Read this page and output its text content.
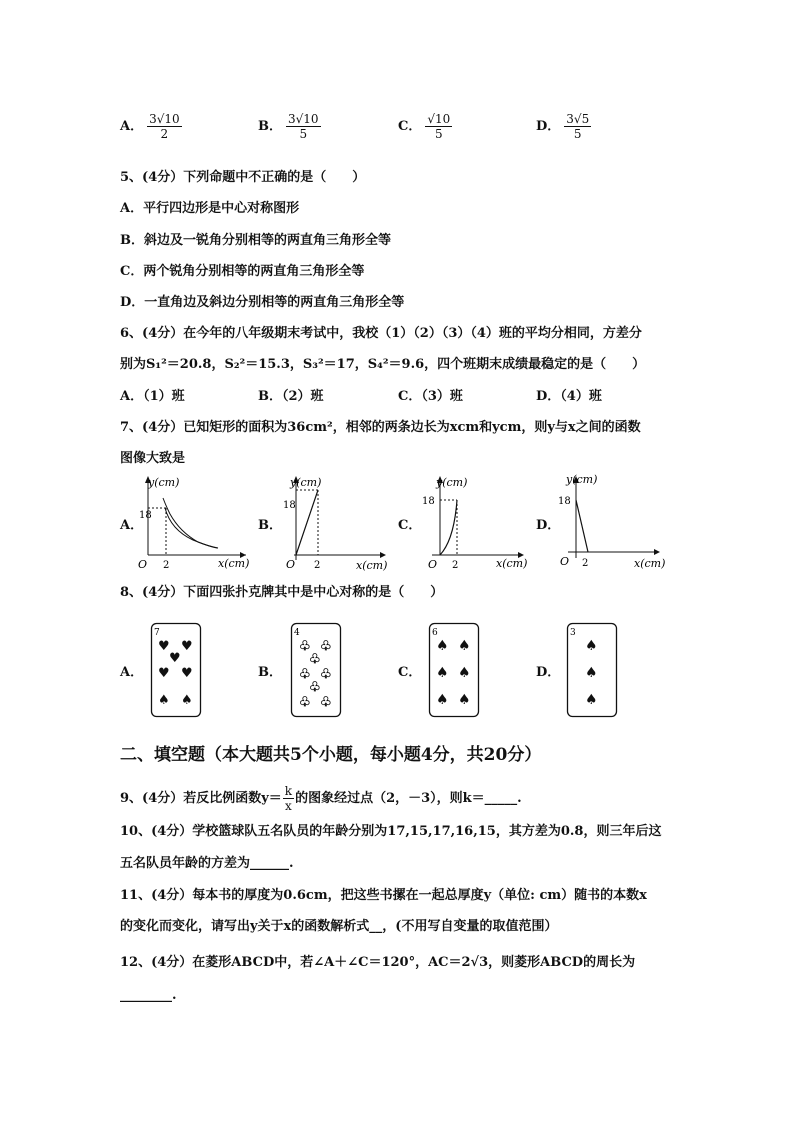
A． $\frac{3√10}{2}$	B． $\frac{3√10}{5}$	C． $\frac{√10}{5}$	D． $\frac{3√5}{5}$
5、(4分）下列命题中不正确的是（　　）
A．平行四边形是中心对称图形
B．斜边及一锐角分别相等的两直角三角形全等
C．两个锐角分别相等的两直角三角形全等
D．一直角边及斜边分别相等的两直角三角形全等
6、(4分）在今年的八年级期末考试中，我校（1）（2）（3）（4）班的平均分相同，方差分
别为S₁²＝20.8，S₂²＝15.3，S₃²＝17，S₄²＝9.6，四个班期末成绩最稳定的是（　　）
A．（1）班	B．（2）班	C．（3）班	D．（4）班
7、(4分）已知矩形的面积为36cm²，相邻的两条边长为xcm和ycm，则y与x之间的函数
图像大致是
A．	B．	C．	D．
18
2
O
y(cm)
x(cm)
18
2
O
y(cm)
x(cm)
18
2
O
y(cm)
x(cm)
18
2
O
y(cm)
x(cm)
8、(4分）下面四张扑克牌其中是中心对称的是（　　）
A．	B．	C．	D．
7
♥ ♥
♥
♥ ♥
♠ ♠
4
♣ ♣
♣
♣ ♣
♣
♣ ♣
6
♠ ♠
♠ ♠
♠ ♠
3
♠
♠
♠
二、填空题（本大题共5个小题，每小题4分，共20分）
9、(4分）若反比例函数$y= \frac{k}{x}$ 的图象经过点（2，－3），则k＝_____.
10、(4分）学校篮球队五名队员的年龄分别为17,15,17,16,15，其方差为0.8，则三年后这
五名队员年龄的方差为______.
11、(4分）每本书的厚度为0.6cm，把这些书摞在一起总厚度y（单位: cm）随书的本数x
的变化而变化，请写出y关于x的函数解析式__，(不用写自变量的取值范围）
12、(4分）在菱形ABCD中，若∠A＋∠C＝120°，AC＝2√3，则菱形ABCD的周长为
________.
